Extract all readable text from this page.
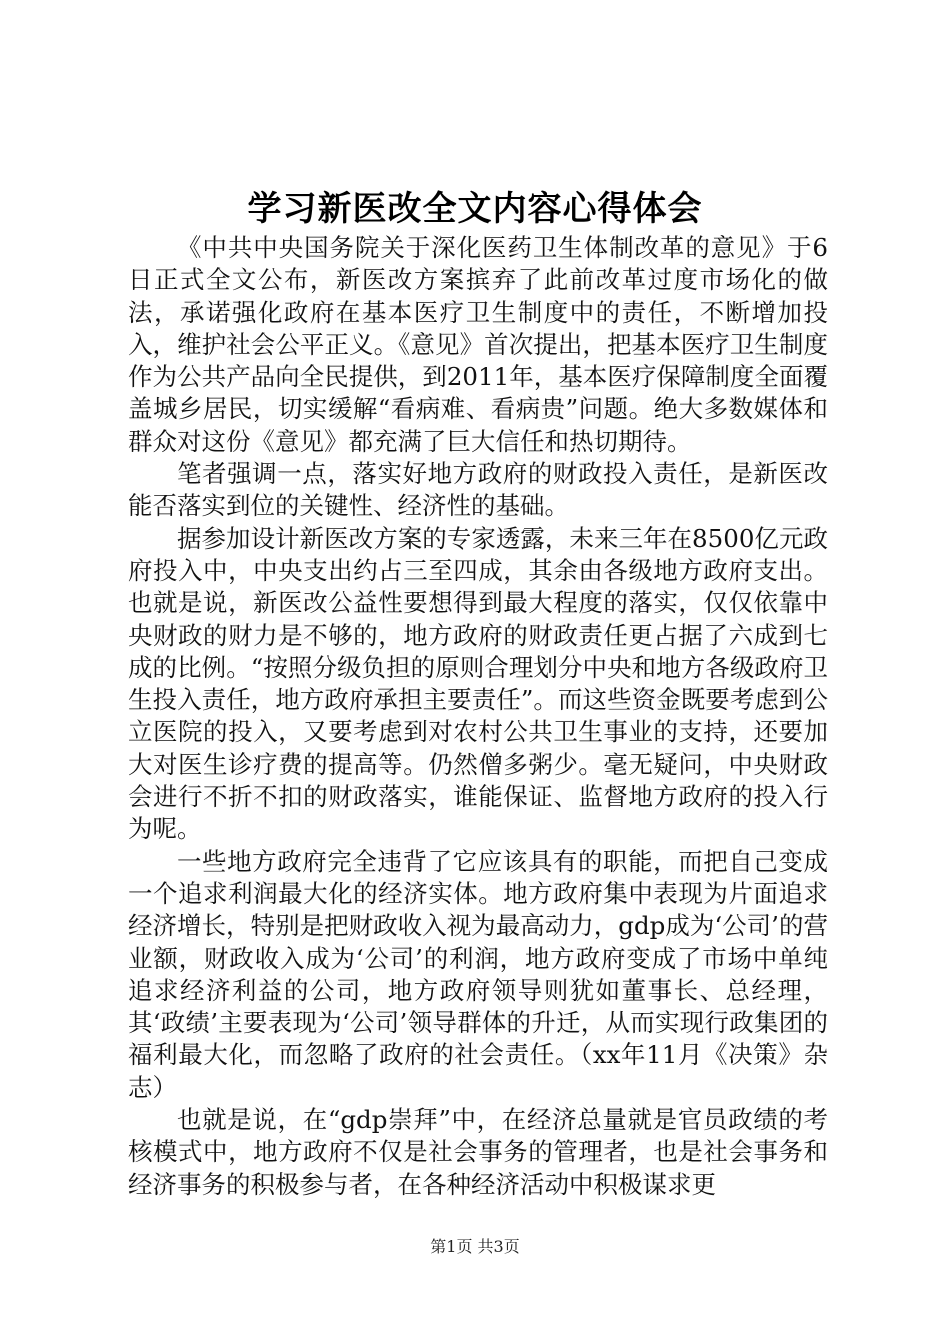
学习新医改全文内容心得体会

《中共中央国务院关于深化医药卫生体制改革的意见》于6日正式全文公布，新医改方案摈弃了此前改革过度市场化的做法，承诺强化政府在基本医疗卫生制度中的责任，不断增加投入，维护社会公平正义。《意见》首次提出，把基本医疗卫生制度作为公共产品向全民提供，到2011年，基本医疗保障制度全面覆盖城乡居民，切实缓解“看病难、看病贵”问题。绝大多数媒体和群众对这份《意见》都充满了巨大信任和热切期待。

笔者强调一点，落实好地方政府的财政投入责任，是新医改能否落实到位的关键性、经济性的基础。

据参加设计新医改方案的专家透露，未来三年在8500亿元政府投入中，中央支出约占三至四成，其余由各级地方政府支出。也就是说，新医改公益性要想得到最大程度的落实，仅仅依靠中央财政的财力是不够的，地方政府的财政责任更占据了六成到七成的比例。“按照分级负担的原则合理划分中央和地方各级政府卫生投入责任，地方政府承担主要责任”。而这些资金既要考虑到公立医院的投入，又要考虑到对农村公共卫生事业的支持，还要加大对医生诊疗费的提高等。仍然僧多粥少。毫无疑问，中央财政会进行不折不扣的财政落实，谁能保证、监督地方政府的投入行为呢。

一些地方政府完全违背了它应该具有的职能，而把自己变成一个追求利润最大化的经济实体。地方政府集中表现为片面追求经济增长，特别是把财政收入视为最高动力，gdp成为‘公司’的营业额，财政收入成为‘公司’的利润，地方政府变成了市场中单纯追求经济利益的公司，地方政府领导则犹如董事长、总经理，其‘政绩’主要表现为‘公司’领导群体的升迁，从而实现行政集团的福利最大化，而忽略了政府的社会责任。（xx年11月《决策》杂志）

也就是说，在“gdp崇拜”中，在经济总量就是官员政绩的考核模式中，地方政府不仅是社会事务的管理者，也是社会事务和经济事务的积极参与者，在各种经济活动中积极谋求更

第1页 共3页
